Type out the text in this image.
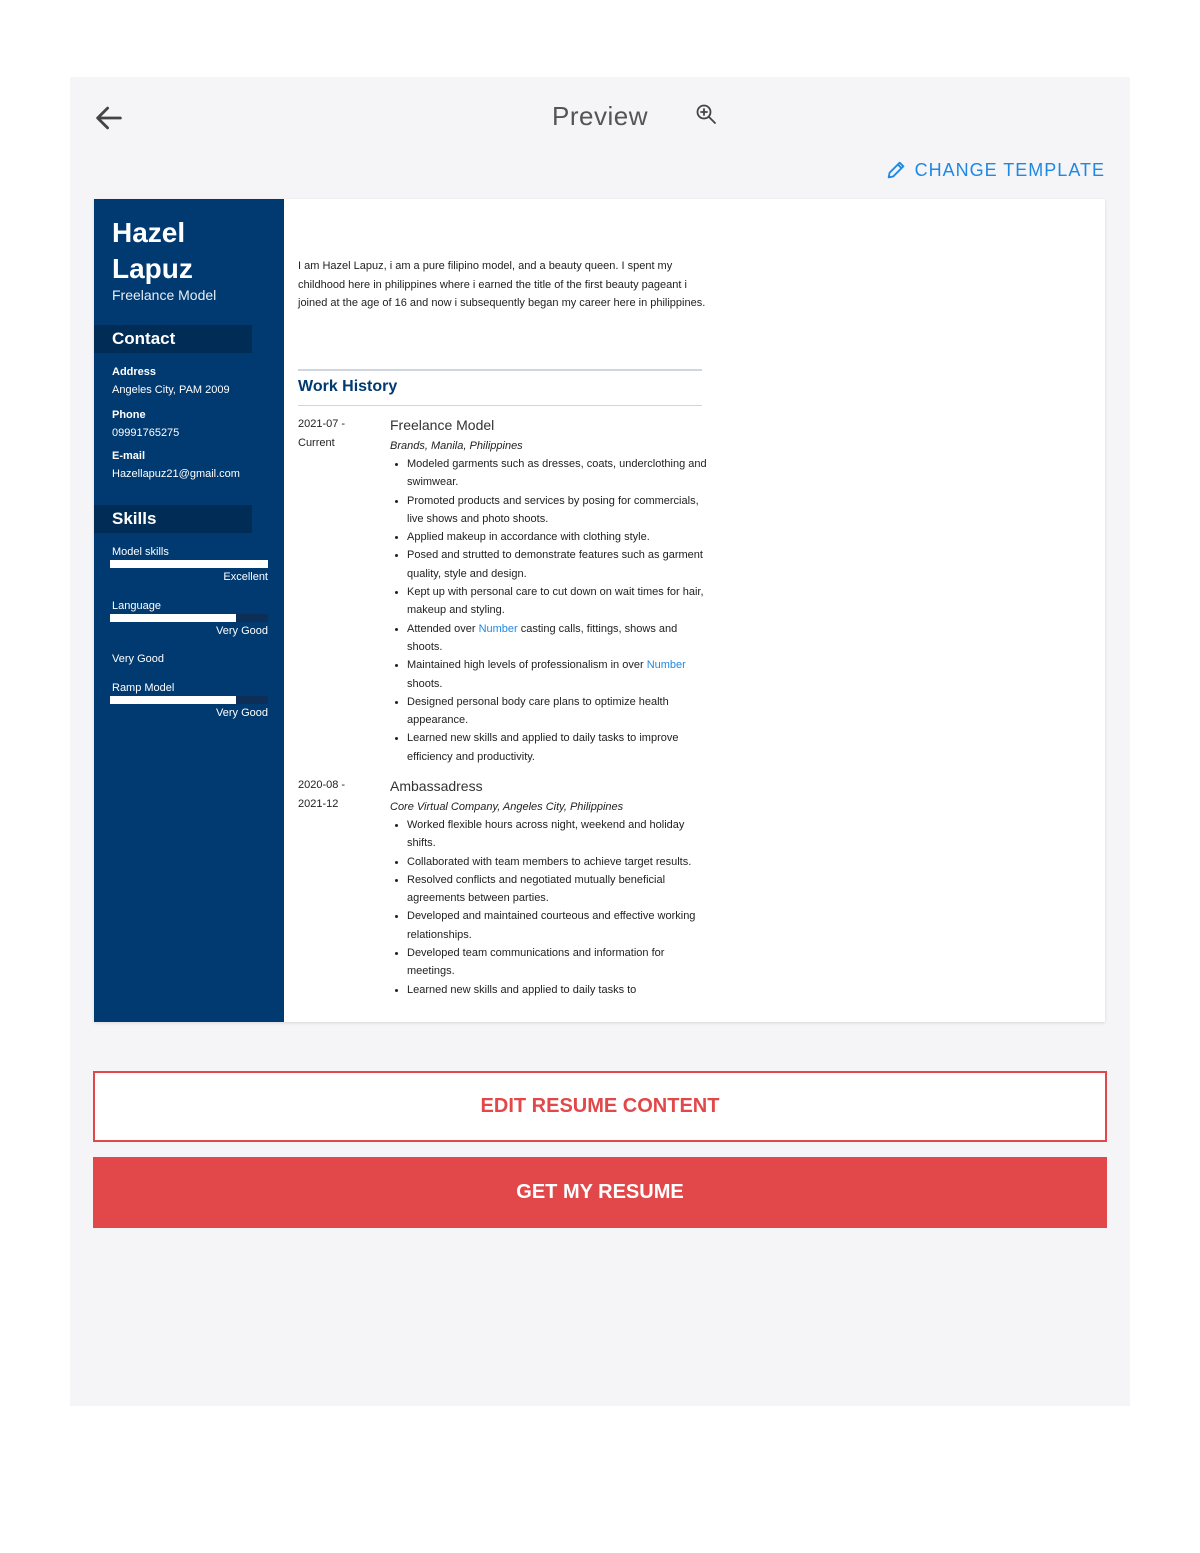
Preview
CHANGE TEMPLATE
Hazel Lapuz
Freelance Model
Contact
Address
Angeles City, PAM 2009
Phone
09991765275
E-mail
Hazellapuz21@gmail.com
Skills
Model skills
Excellent
Language
Very Good
Very Good
Ramp Model
Very Good
I am Hazel Lapuz, i am a pure filipino model, and a beauty queen. I spent my childhood here in philippines where i earned the title of the first beauty pageant i joined at the age of 16 and now i subsequently began my career here in philippines.
Work History
2021-07 -
Current
Freelance Model
Brands, Manila, Philippines
• Modeled garments such as dresses, coats, underclothing and swimwear.
• Promoted products and services by posing for commercials, live shows and photo shoots.
• Applied makeup in accordance with clothing style.
• Posed and strutted to demonstrate features such as garment quality, style and design.
• Kept up with personal care to cut down on wait times for hair, makeup and styling.
• Attended over Number casting calls, fittings, shows and shoots.
• Maintained high levels of professionalism in over Number shoots.
• Designed personal body care plans to optimize health appearance.
• Learned new skills and applied to daily tasks to improve efficiency and productivity.
2020-08 -
2021-12
Ambassadress
Core Virtual Company, Angeles City, Philippines
• Worked flexible hours across night, weekend and holiday shifts.
• Collaborated with team members to achieve target results.
• Resolved conflicts and negotiated mutually beneficial agreements between parties.
• Developed and maintained courteous and effective working relationships.
• Developed team communications and information for meetings.
• Learned new skills and applied to daily tasks to
EDIT RESUME CONTENT
GET MY RESUME
